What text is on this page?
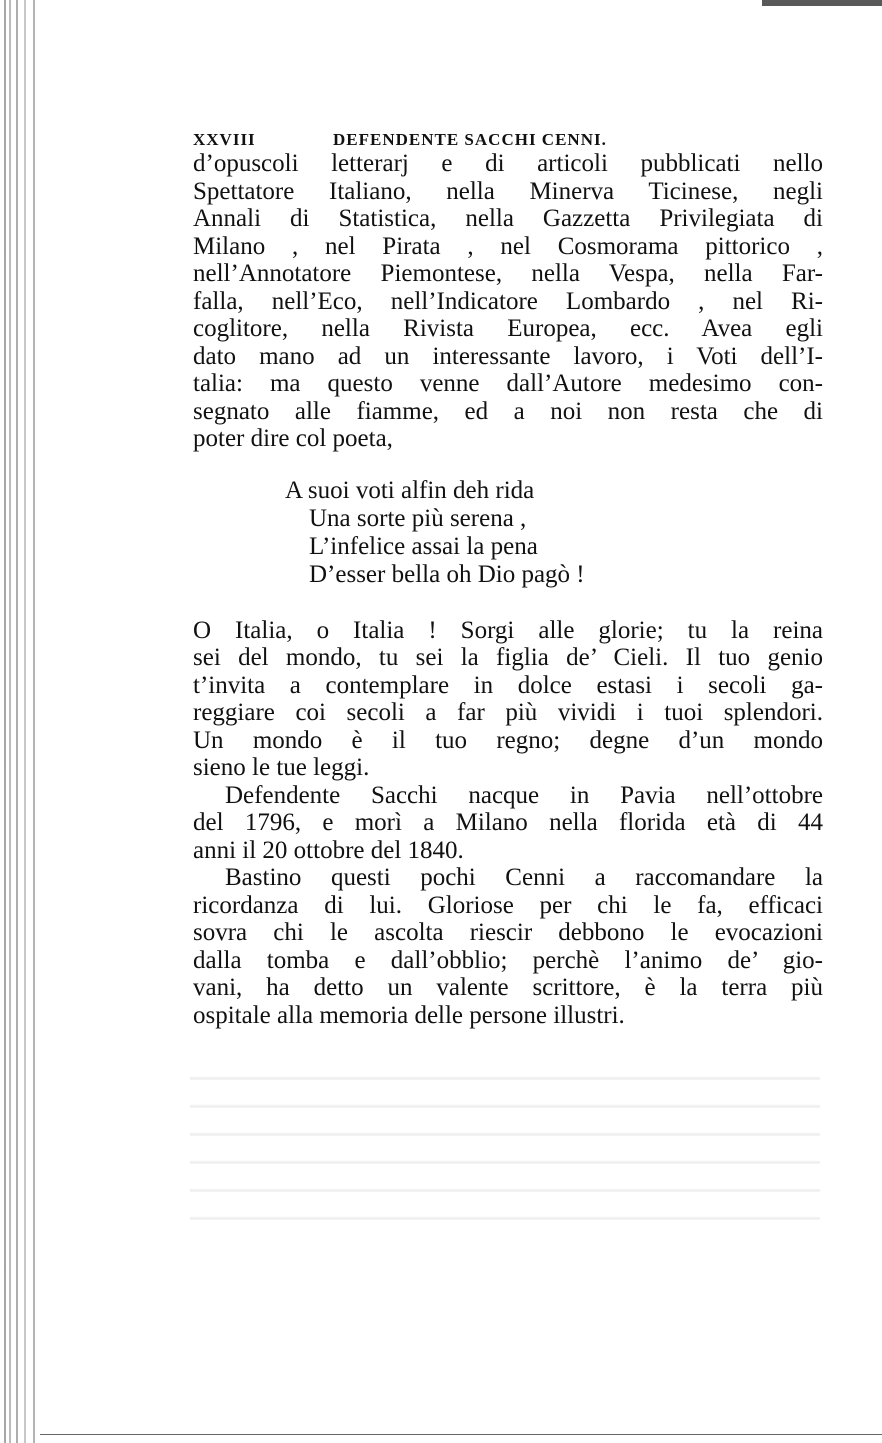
XXVIII	DEFENDENTE SACCHI CENNI.
d’opuscoli letterarj e di articoli pubblicati nello
Spettatore Italiano, nella Minerva Ticinese, negli
Annali di Statistica, nella Gazzetta Privilegiata di
Milano , nel Pirata , nel Cosmorama pittorico ,
nell’Annotatore Piemontese, nella Vespa, nella Far-
falla, nell’Eco, nell’Indicatore Lombardo , nel Ri-
coglitore, nella Rivista Europea, ecc. Avea egli
dato mano ad un interessante lavoro, i Voti dell’I-
talia: ma questo venne dall’Autore medesimo con-
segnato alle fiamme, ed a noi non resta che di
poter dire col poeta,
A suoi voti alfin deh rida
Una sorte più serena ,
L’infelice assai la pena
D’esser bella oh Dio pagò !
O Italia, o Italia ! Sorgi alle glorie; tu la reina
sei del mondo, tu sei la figlia de’ Cieli. Il tuo genio
t’invita a contemplare in dolce estasi i secoli ga-
reggiare coi secoli a far più vividi i tuoi splendori.
Un mondo è il tuo regno; degne d’un mondo
sieno le tue leggi.
Defendente Sacchi nacque in Pavia nell’ottobre
del 1796, e morì a Milano nella florida età di 44
anni il 20 ottobre del 1840.
Bastino questi pochi Cenni a raccomandare la
ricordanza di lui. Gloriose per chi le fa, efficaci
sovra chi le ascolta riescir debbono le evocazioni
dalla tomba e dall’obblio; perchè l’animo de’ gio-
vani, ha detto un valente scrittore, è la terra più
ospitale alla memoria delle persone illustri.
